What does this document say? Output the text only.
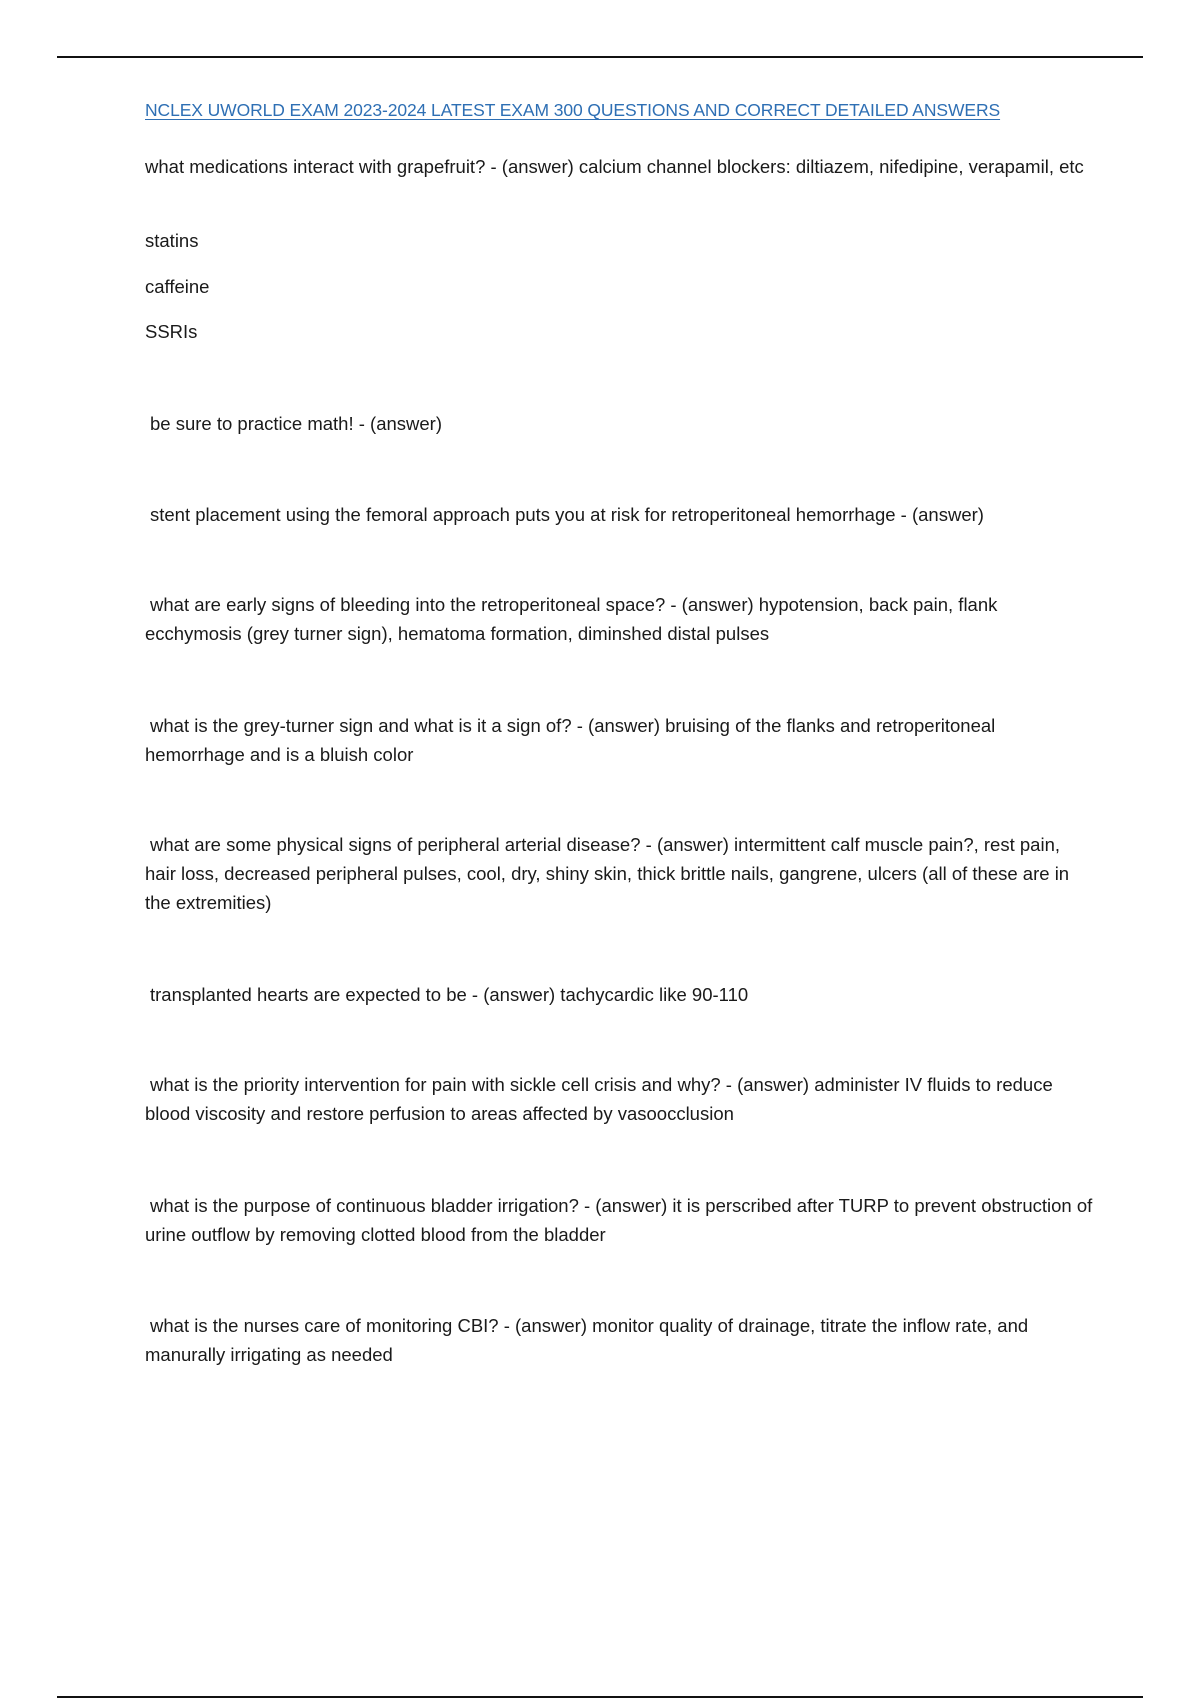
NCLEX UWORLD EXAM 2023-2024 LATEST EXAM 300 QUESTIONS AND CORRECT DETAILED ANSWERS

what medications interact with grapefruit? - (answer) calcium channel blockers: diltiazem, nifedipine, verapamil, etc

statins

caffeine

SSRIs

be sure to practice math! - (answer)

stent placement using the femoral approach puts you at risk for retroperitoneal hemorrhage - (answer)

what are early signs of bleeding into the retroperitoneal space? - (answer) hypotension, back pain, flank ecchymosis (grey turner sign), hematoma formation, diminshed distal pulses

what is the grey-turner sign and what is it a sign of? - (answer) bruising of the flanks and retroperitoneal hemorrhage and is a bluish color

what are some physical signs of peripheral arterial disease? - (answer) intermittent calf muscle pain?, rest pain, hair loss, decreased peripheral pulses, cool, dry, shiny skin, thick brittle nails, gangrene, ulcers (all of these are in the extremities)

transplanted hearts are expected to be - (answer) tachycardic like 90-110

what is the priority intervention for pain with sickle cell crisis and why? - (answer) administer IV fluids to reduce blood viscosity and restore perfusion to areas affected by vasoocclusion

what is the purpose of continuous bladder irrigation? - (answer) it is perscribed after TURP to prevent obstruction of urine outflow by removing clotted blood from the bladder

what is the nurses care of monitoring CBI? - (answer) monitor quality of drainage, titrate the inflow rate, and manurally irrigating as needed
